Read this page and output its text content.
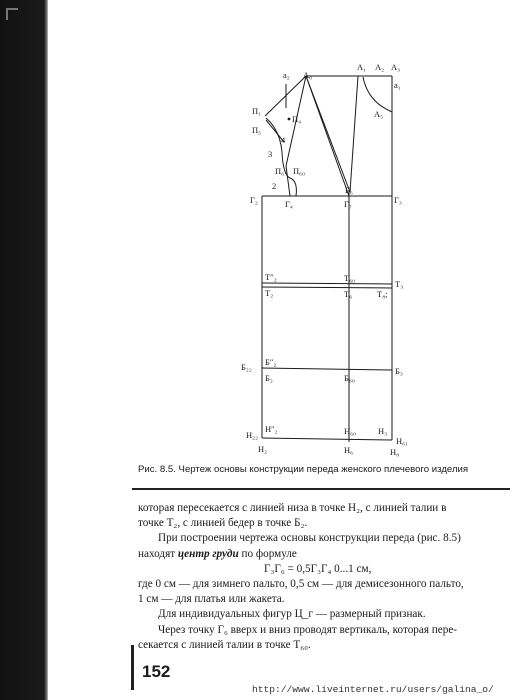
a₂ A₀
A₁ A₂ A₃
a₁
A₅
П₁
П₅
П₄
4
3
П₆ П₆₀
2
Г₂	Г₄
Г₆
Г₇	Г₃
Т″₂
Т₂
Т₆₀
Т₆
Т₃
Т₈;
Б₂₂ Б″₂
Б₂	Б₆₀
Б₃
Н₂₂
Н″₂	Н₆₀	Н₃
Н₆₁
Н₂	Н₆	Н₈
Рис. 8.5. Чертеж основы конструкции переда женского плечевого изделия

которая пересекается с линией низа в точке Н₂, с линией талии в

точке Т₂, с линией бедер в точке Б₂.

При построении чертежа основы конструкции переда (рис. 8.5)

находят центр груди по формуле

Г₃Г₆ = 0,5Г₃Г₄ 0...1 см,

где 0 см — для зимнего пальто, 0,5 см — для демисезонного пальто,

1 см — для платья или жакета.

Для индивидуальных фигур Ц_г — размерный признак.

Через точку Г₆ вверх и вниз проводят вертикаль, которая пере-

секается с линией талии в точке Т₆₀.

152
http://www.liveinternet.ru/users/galina_o/
